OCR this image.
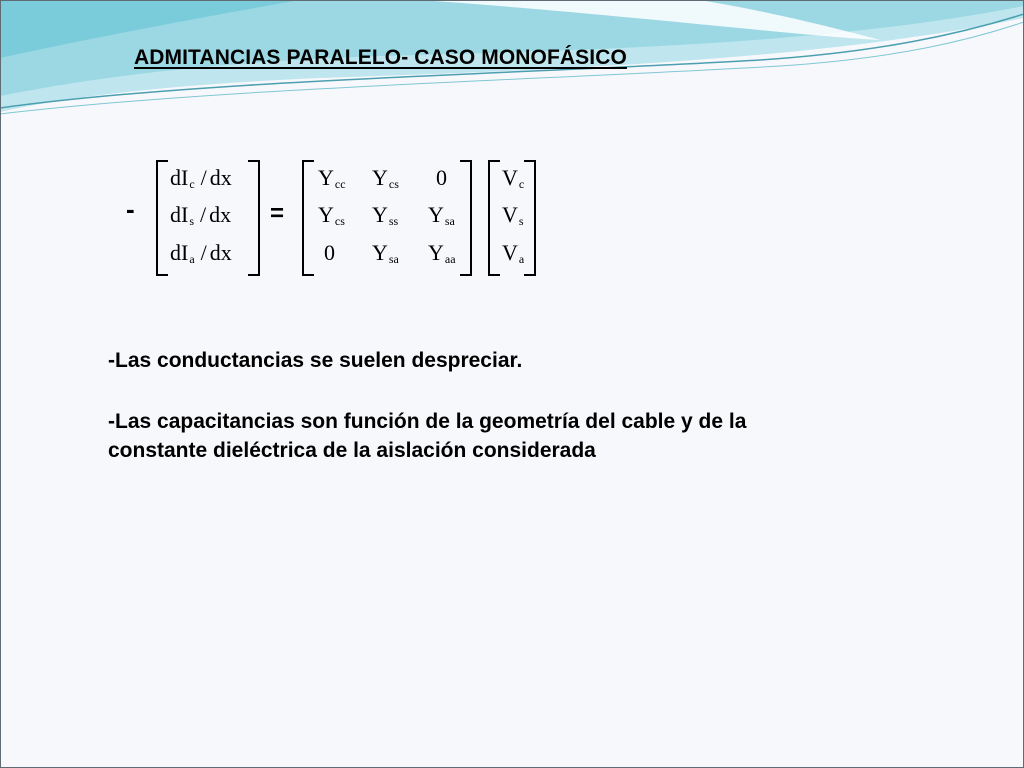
ADMITANCIAS PARALELO- CASO MONOFÁSICO
-
$dI_c$ / dx
$dI_s$ / dx
$dI_a$ / dx
=
$Y_{cc}$ $Y_{cs}$ 0
$Y_{cs}$ $Y_{ss}$ $Y_{sa}$
0 $Y_{sa}$ $Y_{aa}$
$V_c$
$V_s$
$V_a$
-Las conductancias se suelen despreciar.
-Las capacitancias son función de la geometría del cable y de la
constante dieléctrica de la aislación considerada
